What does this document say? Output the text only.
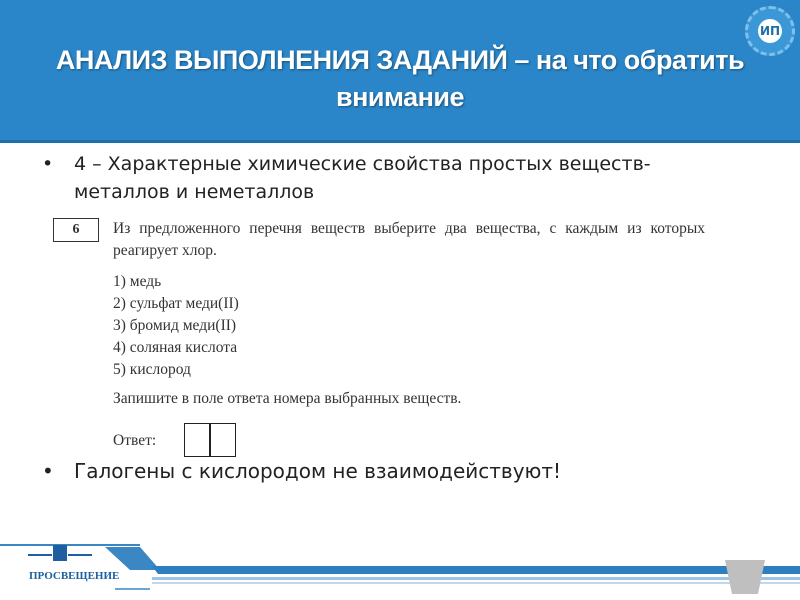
АНАЛИЗ ВЫПОЛНЕНИЯ ЗАДАНИЙ – на что обратить внимание
ИП
• 4 – Характерные химические свойства простых веществ-металлов и неметаллов
6	Из предложенного перечня веществ выберите два вещества, с каждым из которых реагирует хлор.
1) медь
2) сульфат меди(II)
3) бромид меди(II)
4) соляная кислота
5) кислород
Запишите в поле ответа номера выбранных веществ.
Ответ:
• Галогены с кислородом не взаимодействуют!
ПРОСВЕЩЕНИЕ
